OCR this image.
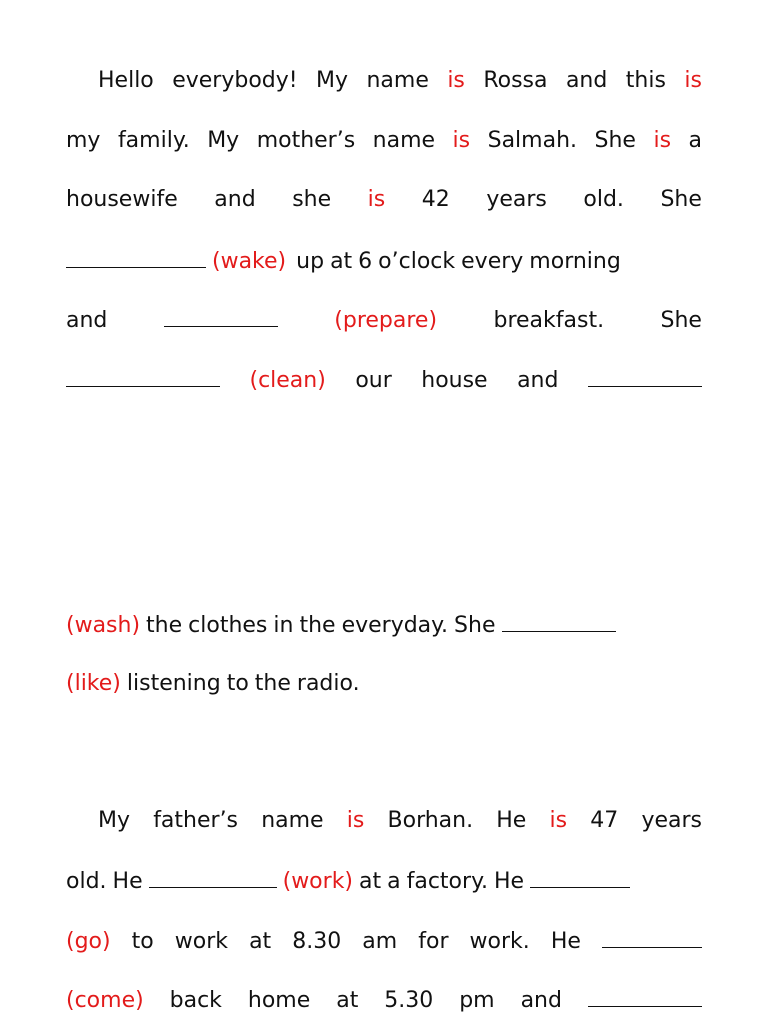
Hello everybody! My name is Rossa and this is
my family. My mother’s name is Salmah. She is a
housewife and she is 42 years old. She
(wake) up at 6 o’clock every morning
and	(prepare)	breakfast.	She
(clean) our house and
(wash) the clothes in the everyday. She
(like) listening to the radio.
My father’s name is Borhan. He is 47 years
old. He	(work) at a factory. He
(go) to work at 8.30 am for work. He
(come) back home at 5.30 pm and
